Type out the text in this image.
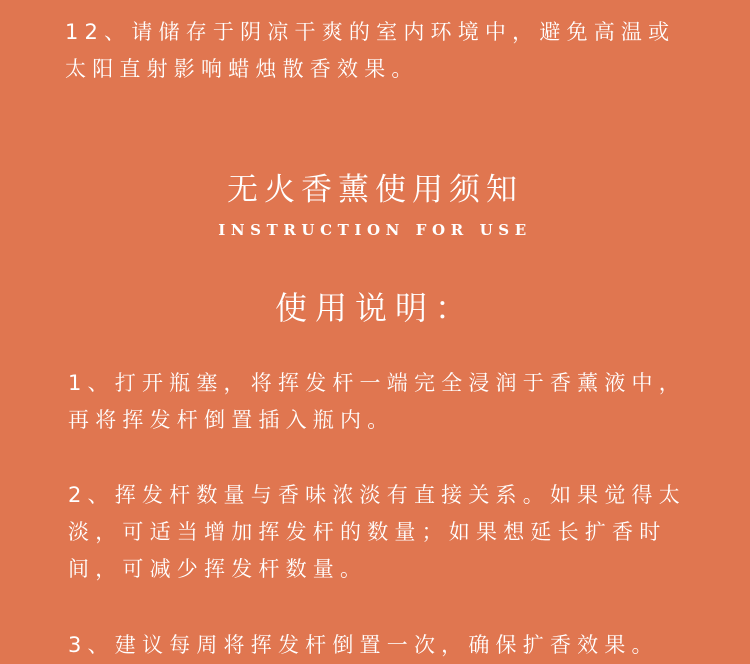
12、请储存于阴凉干爽的室内环境中，避免高温或
太阳直射影响蜡烛散香效果。
无火香薰使用须知
INSTRUCTION FOR USE
使用说明：
1、打开瓶塞，将挥发杆一端完全浸润于香薰液中，
再将挥发杆倒置插入瓶内。
2、挥发杆数量与香味浓淡有直接关系。如果觉得太
淡，可适当增加挥发杆的数量；如果想延长扩香时
间，可减少挥发杆数量。
3、建议每周将挥发杆倒置一次，确保扩香效果。
